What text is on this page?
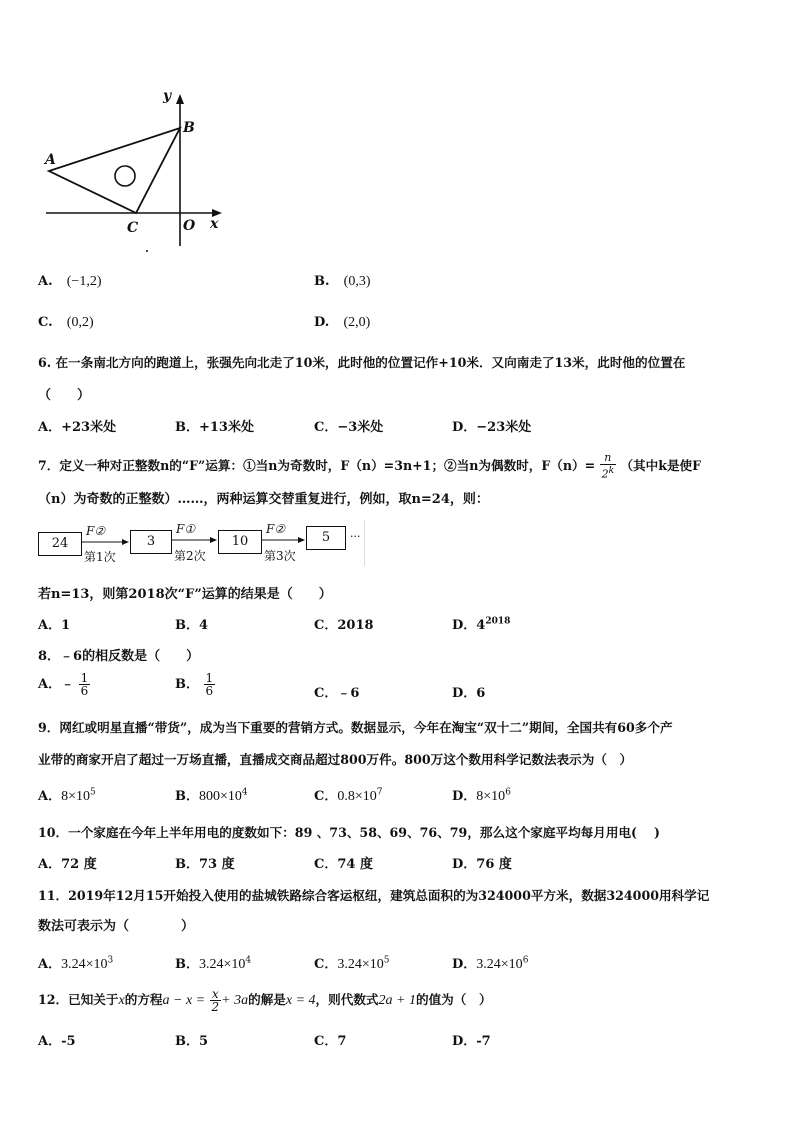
y
B
A
C	O x
A. (−1,2)	B. (0,3)
C. (0,2)	D. (2,0)
6. 在一条南北方向的跑道上，张强先向北走了10米，此时他的位置记作+10米．又向南走了13米，此时他的位置在
（　　）
A．+23米处	B．+13米处	C．−3米处	D．−23米处
7．定义一种对正整数n的“F”运算：①当n为奇数时，F（n）=3n+1；②当n为偶数时，$F(n)= \frac{n}{2^k}$ （其中k是使F
（n）为奇数的正整数）……，两种运算交替重复进行，例如，取n=24，则：
24	3	10	5	···
F②
第1次
F①
第2次
F②
第3次
若n=13，则第2018次“F”运算的结果是（　　）
A．1	B．4	C．2018	D．$4^{2018}$
8．﹣6的相反数是（　　）
A．﹣ $\frac{1}{6}$	B． $\frac{1}{6}$	C．﹣6	D．6
9．网红或明星直播“带货”，成为当下重要的营销方式。数据显示，今年在淘宝“双十二”期间，全国共有60多个产
业带的商家开启了超过一万场直播，直播成交商品超过800万件。800万这个数用科学记数法表示为（　）
A．$8\times 10^5$	B．$800\times 10^4$	C．$0.8\times 10^7$	D．$8\times 10^6$
10．一个家庭在今年上半年用电的度数如下：89 、73、58、69、76、79，那么这个家庭平均每月用电(　 )
A．72 度	B．73 度	C．74 度	D．76 度
11．2019年12月15开始投入使用的盐城铁路综合客运枢纽，建筑总面积的为324000平方米，数据324000用科学记
数法可表示为（　　　　）
A．$3.24\times 10^3$	B．$3.24\times 10^4$	C．$3.24\times 10^5$	D．$3.24\times 10^6$
12．已知关于x的方程$a - x = \frac{x}{2} + 3a$的解是x = 4，则代数式2a + 1的值为（　）
A．-5	B．5	C．7	D．-7
